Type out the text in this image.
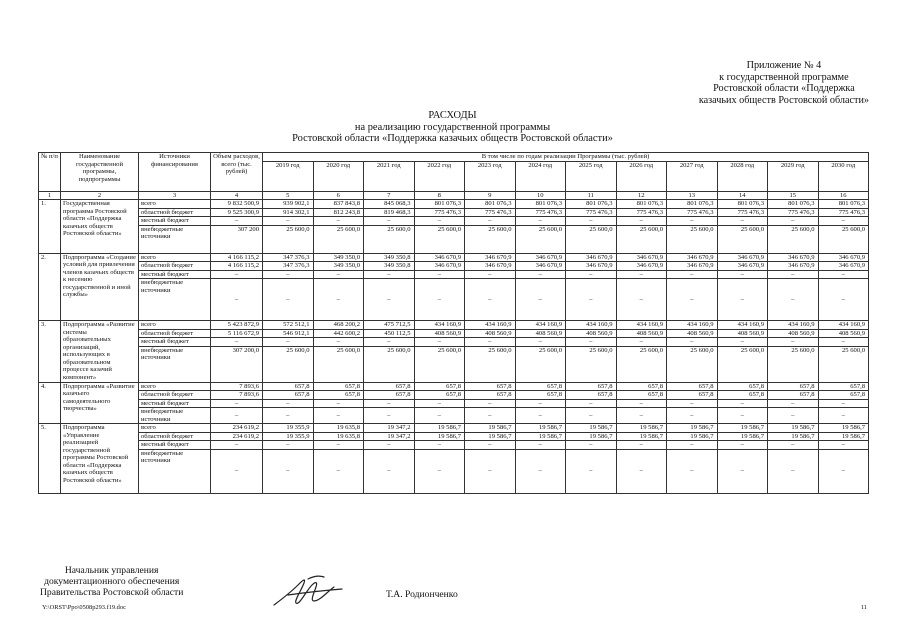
Приложение № 4
к государственной программе
Ростовской области «Поддержка
казачьих обществ Ростовской области»
РАСХОДЫ
на реализацию государственной программы
Ростовской области «Поддержка казачьих обществ Ростовской области»
№ п/п	Наименование государственной программы, подпрограммы	Источники финансирования	Объем расходов, всего (тыс. рублей)	В том числе по годам реализации Программы (тыс. рублей)											
				2019 год	2020 год	2021 год	2022 год	2023 год	2024 год	2025 год	2026 год	2027 год	2028 год	2029 год	2030 год
1	2	3	4	5	6	7	8	9	10	11	12	13	14	15	16
1.	Государственная программа Ростовской области «Поддержка казачьих обществ Ростовской области»	всего	9 832 500,9	939 902,1	837 843,8	845 068,3	801 076,3	801 076,3	801 076,3	801 076,3	801 076,3	801 076,3	801 076,3	801 076,3	801 076,3
		областной бюджет	9 525 300,9	914 302,1	812 243,8	819 468,3	775 476,3	775 476,3	775 476,3	775 476,3	775 476,3	775 476,3	775 476,3	775 476,3	775 476,3
		местный бюджет	–	–	–	–	–	–	–	–	–	–	–	–	–
		внебюджетные источники	307 200	25 600,0	25 600,0	25 600,0	25 600,0	25 600,0	25 600,0	25 600,0	25 600,0	25 600,0	25 600,0	25 600,0	25 600,0
2.	Подпрограмма «Создание условий для привлечения членов казачьих обществ к несению государственной и иной службы»	всего	4 166 115,2	347 376,3	349 350,0	349 350,8	346 670,9	346 670,9	346 670,9	346 670,9	346 670,9	346 670,9	346 670,9	346 670,9	346 670,9
		областной бюджет	4 166 115,2	347 376,3	349 350,0	349 350,8	346 670,9	346 670,9	346 670,9	346 670,9	346 670,9	346 670,9	346 670,9	346 670,9	346 670,9
		местный бюджет	–	–	–	–	–	–	–	–	–	–	–	–	–
		внебюджетные источники	–	–	–	–	–	–	–	–	–	–	–	–	–
3.	Подпрограмма «Развитие системы образовательных организаций, использующих в образовательном процессе казачий компонент»	всего	5 423 872,9	572 512,1	468 200,2	475 712,5	434 160,9	434 160,9	434 160,9	434 160,9	434 160,9	434 160,9	434 160,9	434 160,9	434 160,9
		областной бюджет	5 116 672,9	546 912,1	442 600,2	450 112,5	408 560,9	408 560,9	408 560,9	408 560,9	408 560,9	408 560,9	408 560,9	408 560,9	408 560,9
		местный бюджет	–	–	–	–	–	–	–	–	–	–	–	–	–
		внебюджетные источники	307 200,0	25 600,0	25 600,0	25 600,0	25 600,0	25 600,0	25 600,0	25 600,0	25 600,0	25 600,0	25 600,0	25 600,0	25 600,0
4.	Подпрограмма «Развитие казачьего самодеятельного творчества»	всего	7 893,6	657,8	657,8	657,8	657,8	657,8	657,8	657,8	657,8	657,8	657,8	657,8	657,8
		областной бюджет	7 893,6	657,8	657,8	657,8	657,8	657,8	657,8	657,8	657,8	657,8	657,8	657,8	657,8
		местный бюджет	–	–	–	–	–	–	–	–	–	–	–	–	–
		внебюджетные источники	–	–	–	–	–	–	–	–	–	–	–	–	–
5.	Подпрограмма «Управление реализацией государственной программы Ростовской области «Поддержка казачьих обществ Ростовской области»	всего	234 619,2	19 355,9	19 635,8	19 347,2	19 586,7	19 586,7	19 586,7	19 586,7	19 586,7	19 586,7	19 586,7	19 586,7	19 586,7
		областной бюджет	234 619,2	19 355,9	19 635,8	19 347,2	19 586,7	19 586,7	19 586,7	19 586,7	19 586,7	19 586,7	19 586,7	19 586,7	19 586,7
		местный бюджет	–	–	–	–	–	–	–	–	–	–	–	–	–
		внебюджетные источники	–	–	–	–	–	–	–	–	–	–	–	–	–
Начальник управления
документационного обеспечения
Правительства Ростовской области	Т.А. Родионченко
Y:\ORST\Ppo\0508p293.f19.doc	11
